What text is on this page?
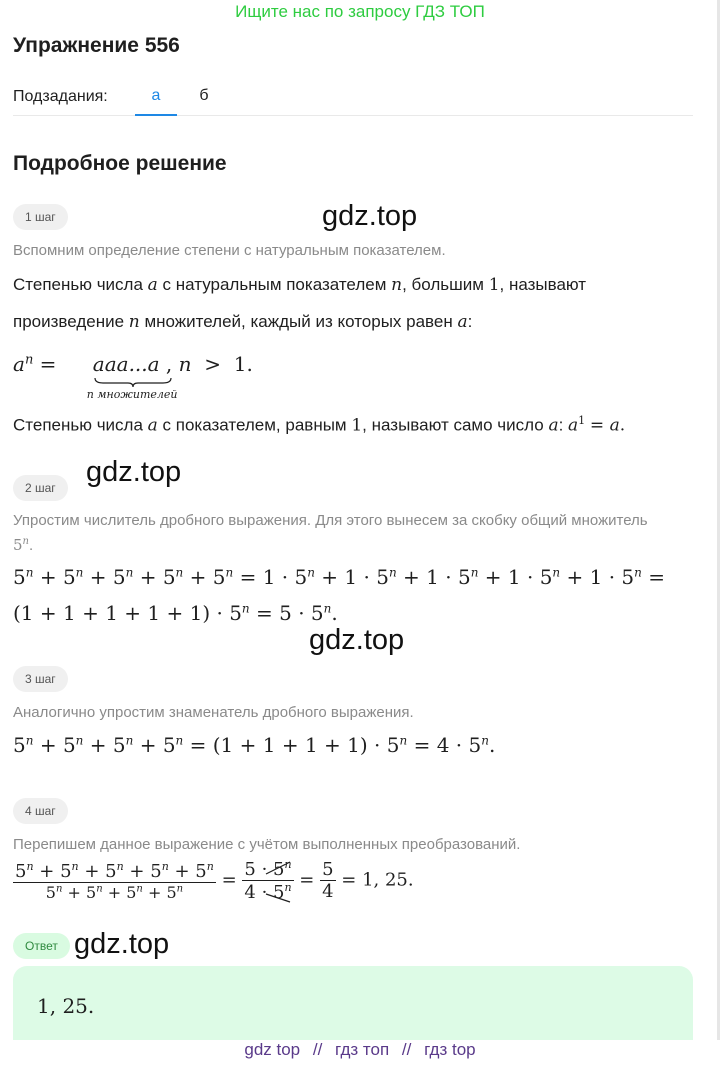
Ищите нас по запросу ГДЗ ТОП
Упражнение 556
Подзадания:	а	б
Подробное решение
1 шаг	gdz.top
Вспомним определение степени с натуральным показателем.
Степенью числа a с натуральным показателем n, большим 1, называют
произведение n множителей, каждый из которых равен a:
$a^n = aaa...a$
n множителей
, n  >  1.
Степенью числа a с показателем, равным 1, называют само число a: $a^1 = a$.
2 шаг	gdz.top
Упростим числитель дробного выражения. Для этого вынесем за скобку общий множитель 5$^n$.
$5^n + 5^n + 5^n + 5^n + 5^n = 1 \cdot 5^n + 1 \cdot 5^n + 1 \cdot 5^n + 1 \cdot 5^n + 1 \cdot 5^n$ =
$(1 + 1 + 1 + 1 + 1) \cdot 5^n = 5 \cdot 5^n$.
gdz.top
3 шаг
Аналогично упростим знаменатель дробного выражения.
$5^n + 5^n + 5^n + 5^n = (1 + 1 + 1 + 1) \cdot 5^n = 4 \cdot 5^n$.
4 шаг
Перепишем данное выражение с учётом выполненных преобразований.
$\frac{5^n + 5^n + 5^n + 5^n + 5^n}{5^n + 5^n + 5^n + 5^n} = \frac{5 \cdot 5^n}{4 \cdot 5^n} = \frac{5}{4} = 1$, 25.
Ответ gdz.top
1, 25.
gdz top // гдз топ // гдз top
